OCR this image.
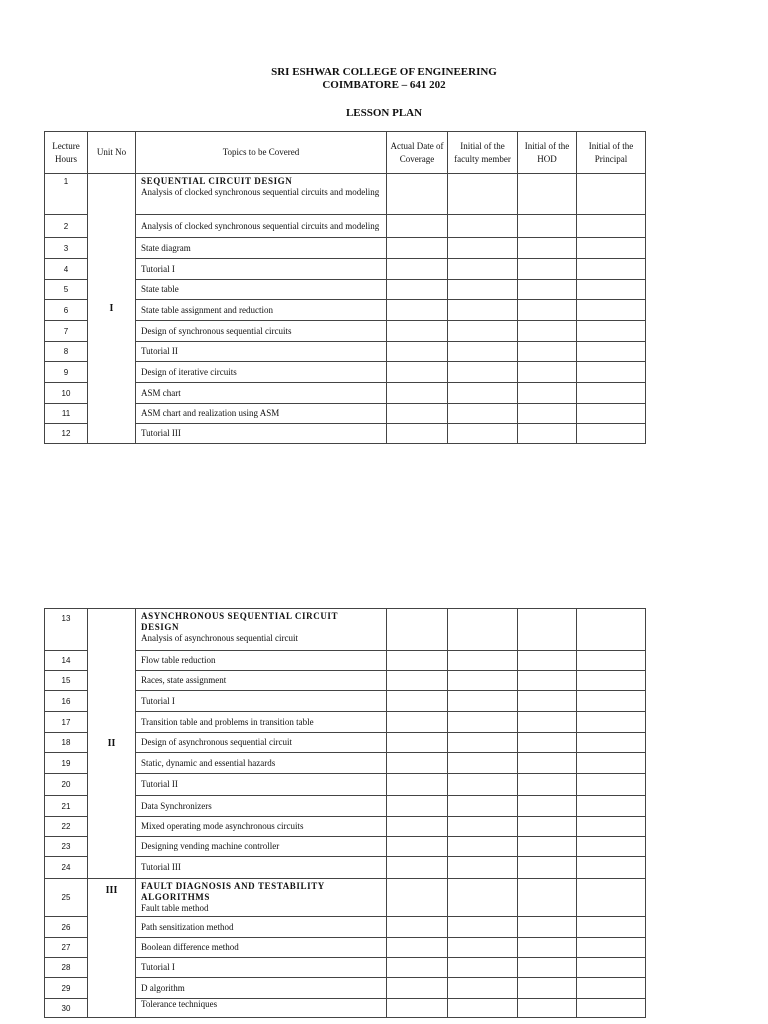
SRI ESHWAR COLLEGE OF ENGINEERING
COIMBATORE – 641 202
LESSON PLAN
Lecture Hours	Unit No	Topics to be Covered	Actual Date of Coverage	Initial of the faculty member	Initial of the HOD	Initial of the Principal
1	I	SEQUENTIAL CIRCUIT DESIGN
Analysis of clocked synchronous sequential circuits and modeling				

2		Analysis of clocked synchronous sequential circuits and modeling				
3		State diagram				
4		Tutorial I				
5		State table				
6		State table assignment and reduction				
7		Design of synchronous sequential circuits				
8		Tutorial II				
9		Design of iterative circuits				
10		ASM chart				
11		ASM chart and realization using ASM				
12		Tutorial III				
13	II	ASYNCHRONOUS SEQUENTIAL CIRCUIT DESIGN
Analysis of asynchronous sequential circuit				

14		Flow table reduction				
15		Races, state assignment				
16		Tutorial I				
17		Transition table and problems in transition table				
18		Design of asynchronous sequential circuit				
19		Static, dynamic and essential hazards				
20		Tutorial II				
21		Data Synchronizers				
22		Mixed operating mode asynchronous circuits				
23		Designing vending machine controller				
24		Tutorial III				
25	III	FAULT DIAGNOSIS AND TESTABILITY ALGORITHMS
Fault table method				

26		Path sensitization method				
27		Boolean difference method				
28		Tutorial I				
29		D algorithm				
30		Tolerance techniques				
